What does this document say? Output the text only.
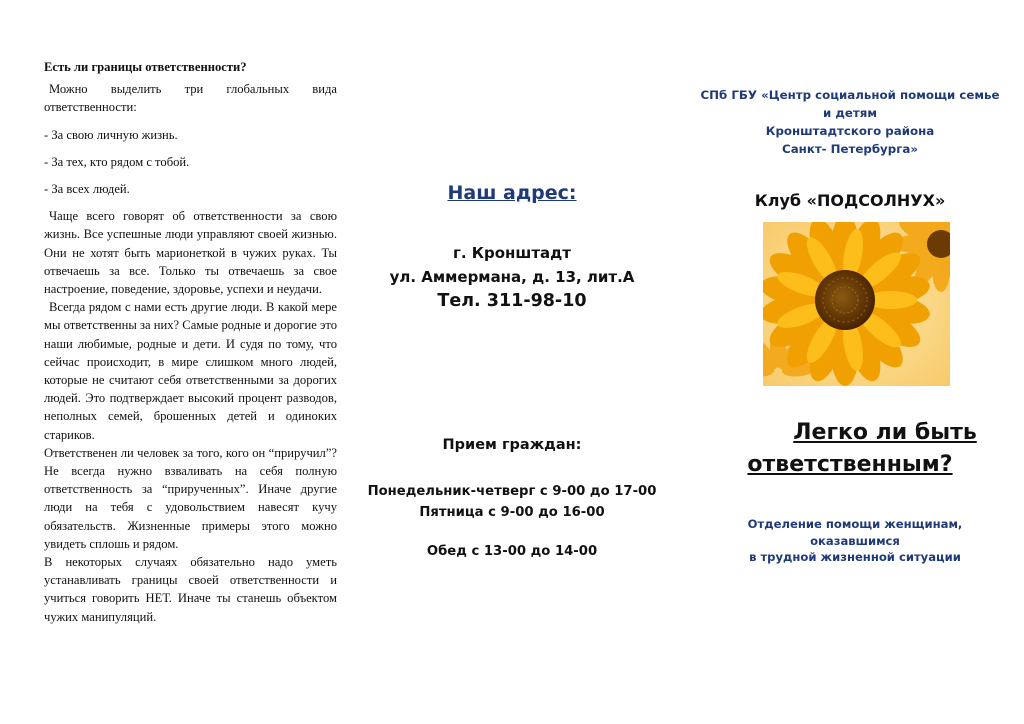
Есть ли границы ответственности?

Можно выделить три глобальных вида ответственности:

- За свою личную жизнь.

- За тех, кто рядом с тобой.

- За всех людей.

Чаще всего говорят об ответственности за свою жизнь. Все успешные люди управляют своей жизнью. Они не хотят быть марионеткой в чужих руках. Ты отвечаешь за все. Только ты отвечаешь за свое настроение, поведение, здоровье, успехи и неудачи.

Всегда рядом с нами есть другие люди. В какой мере мы ответственны за них? Самые родные и дорогие это наши любимые, родные и дети. И судя по тому, что сейчас происходит, в мире слишком много людей, которые не считают себя ответственными за дорогих людей. Это подтверждает высокий процент разводов, неполных семей, брошенных детей и одиноких стариков.

Ответственен ли человек за того, кого он “приручил”? Не всегда нужно взваливать на себя полную ответственность за “прирученных”. Иначе другие люди на тебя с удовольствием навесят кучу обязательств. Жизненные примеры этого можно увидеть сплошь и рядом.

В некоторых случаях обязательно надо уметь устанавливать границы своей ответственности и учиться говорить НЕТ. Иначе ты станешь объектом чужих манипуляций.

Наш адрес:
г. Кронштадт
ул. Аммермана, д. 13, лит.А
Тел. 311-98-10
Прием граждан:
Понедельник-четверг с 9-00 до 17-00
Пятница с 9-00 до 16-00
Обед с 13-00 до 14-00
СПб ГБУ «Центр социальной помощи семье
и детям
Кронштадтского района
Санкт- Петербурга»
Клуб «ПОДСОЛНУХ»
Легко ли быть
ответственным?
Отделение помощи женщинам,
оказавшимся
в трудной жизненной ситуации
